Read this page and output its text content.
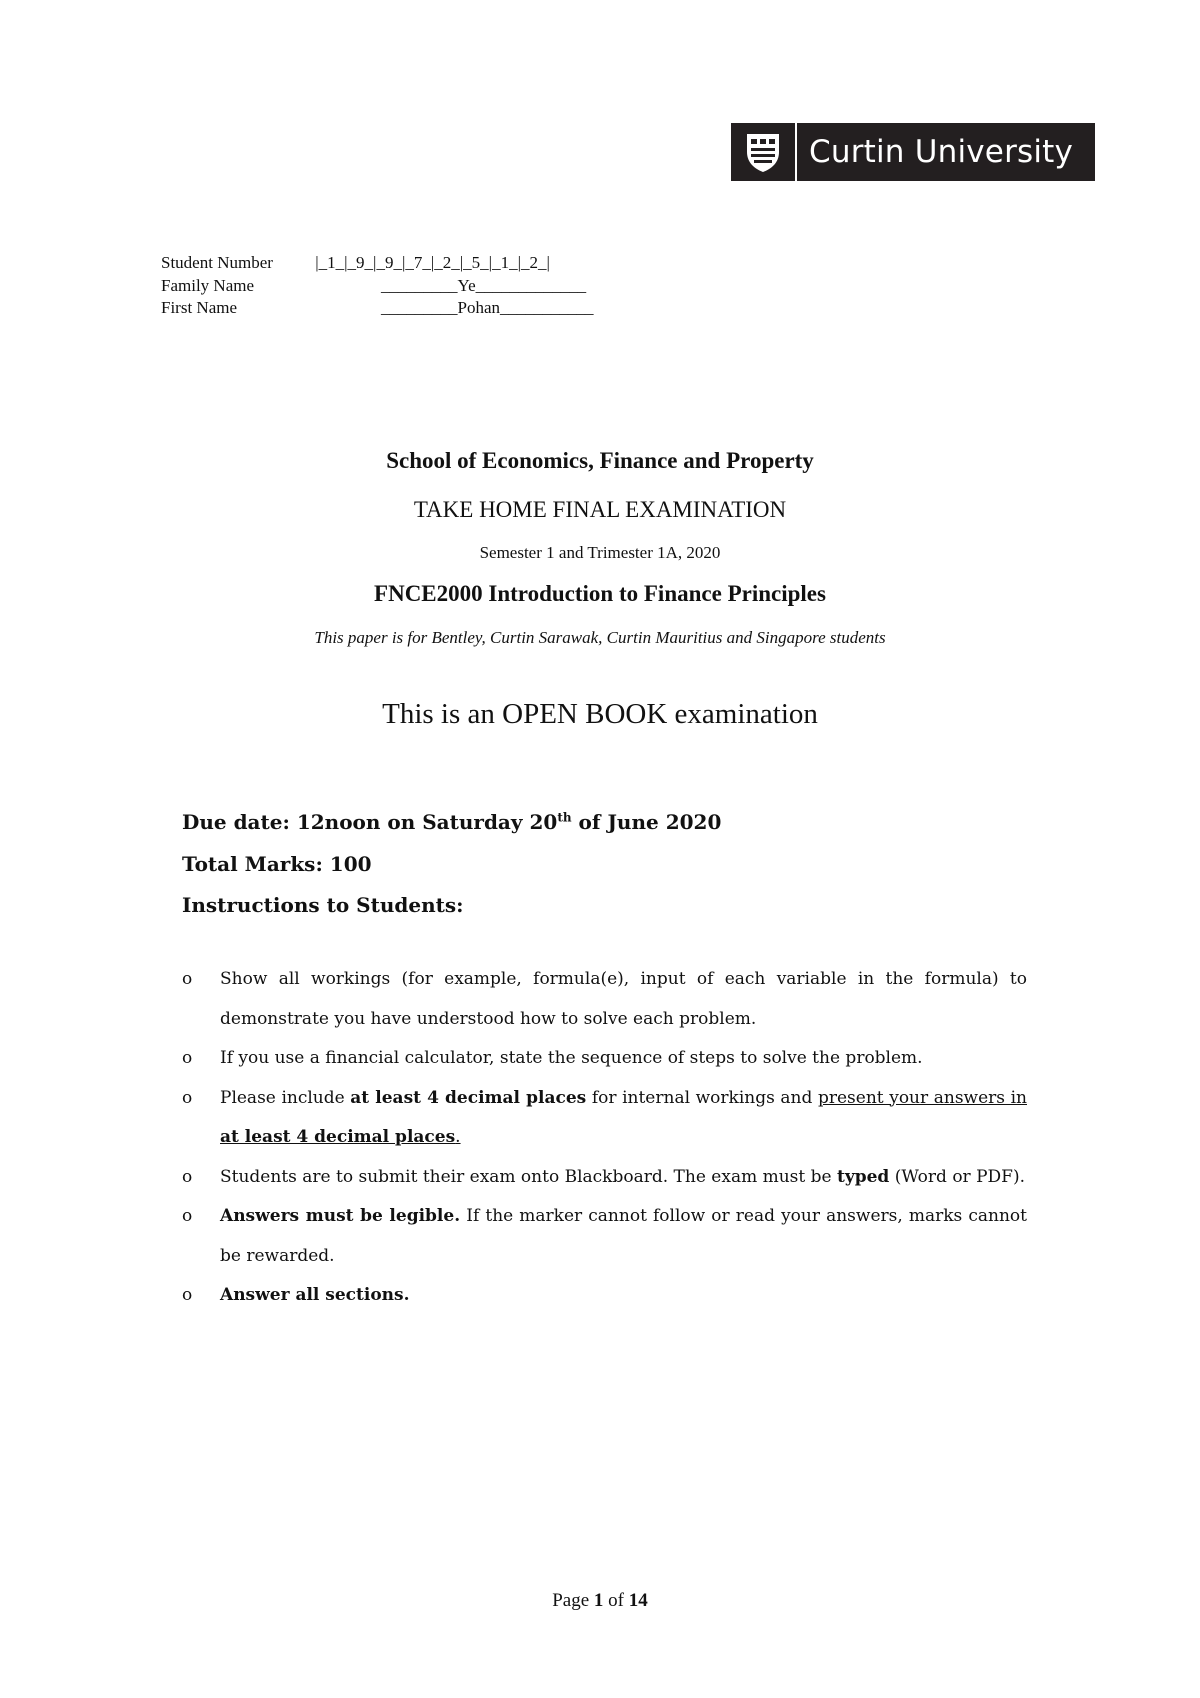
Curtin University
Student Number	|_1_|_9_|_9_|_7_|_2_|_5_|_1_|_2_|
Family Name	_________Ye_____________
First Name	_________Pohan___________
School of Economics, Finance and Property
TAKE HOME FINAL EXAMINATION
Semester 1 and Trimester 1A, 2020
FNCE2000 Introduction to Finance Principles
This paper is for Bentley, Curtin Sarawak, Curtin Mauritius and Singapore students
This is an OPEN BOOK examination
Due date: 12noon on Saturday 20th of June 2020
Total Marks: 100
Instructions to Students:
o	Show all workings (for example, formula(e), input of each variable in the formula) to demonstrate you have understood how to solve each problem.
o	If you use a financial calculator, state the sequence of steps to solve the problem.
o	Please include at least 4 decimal places for internal workings and present your answers in at least 4 decimal places.
o	Students are to submit their exam onto Blackboard. The exam must be typed (Word or PDF).
o	Answers must be legible. If the marker cannot follow or read your answers, marks cannot be rewarded.
o	Answer all sections.
Page 1 of 14
